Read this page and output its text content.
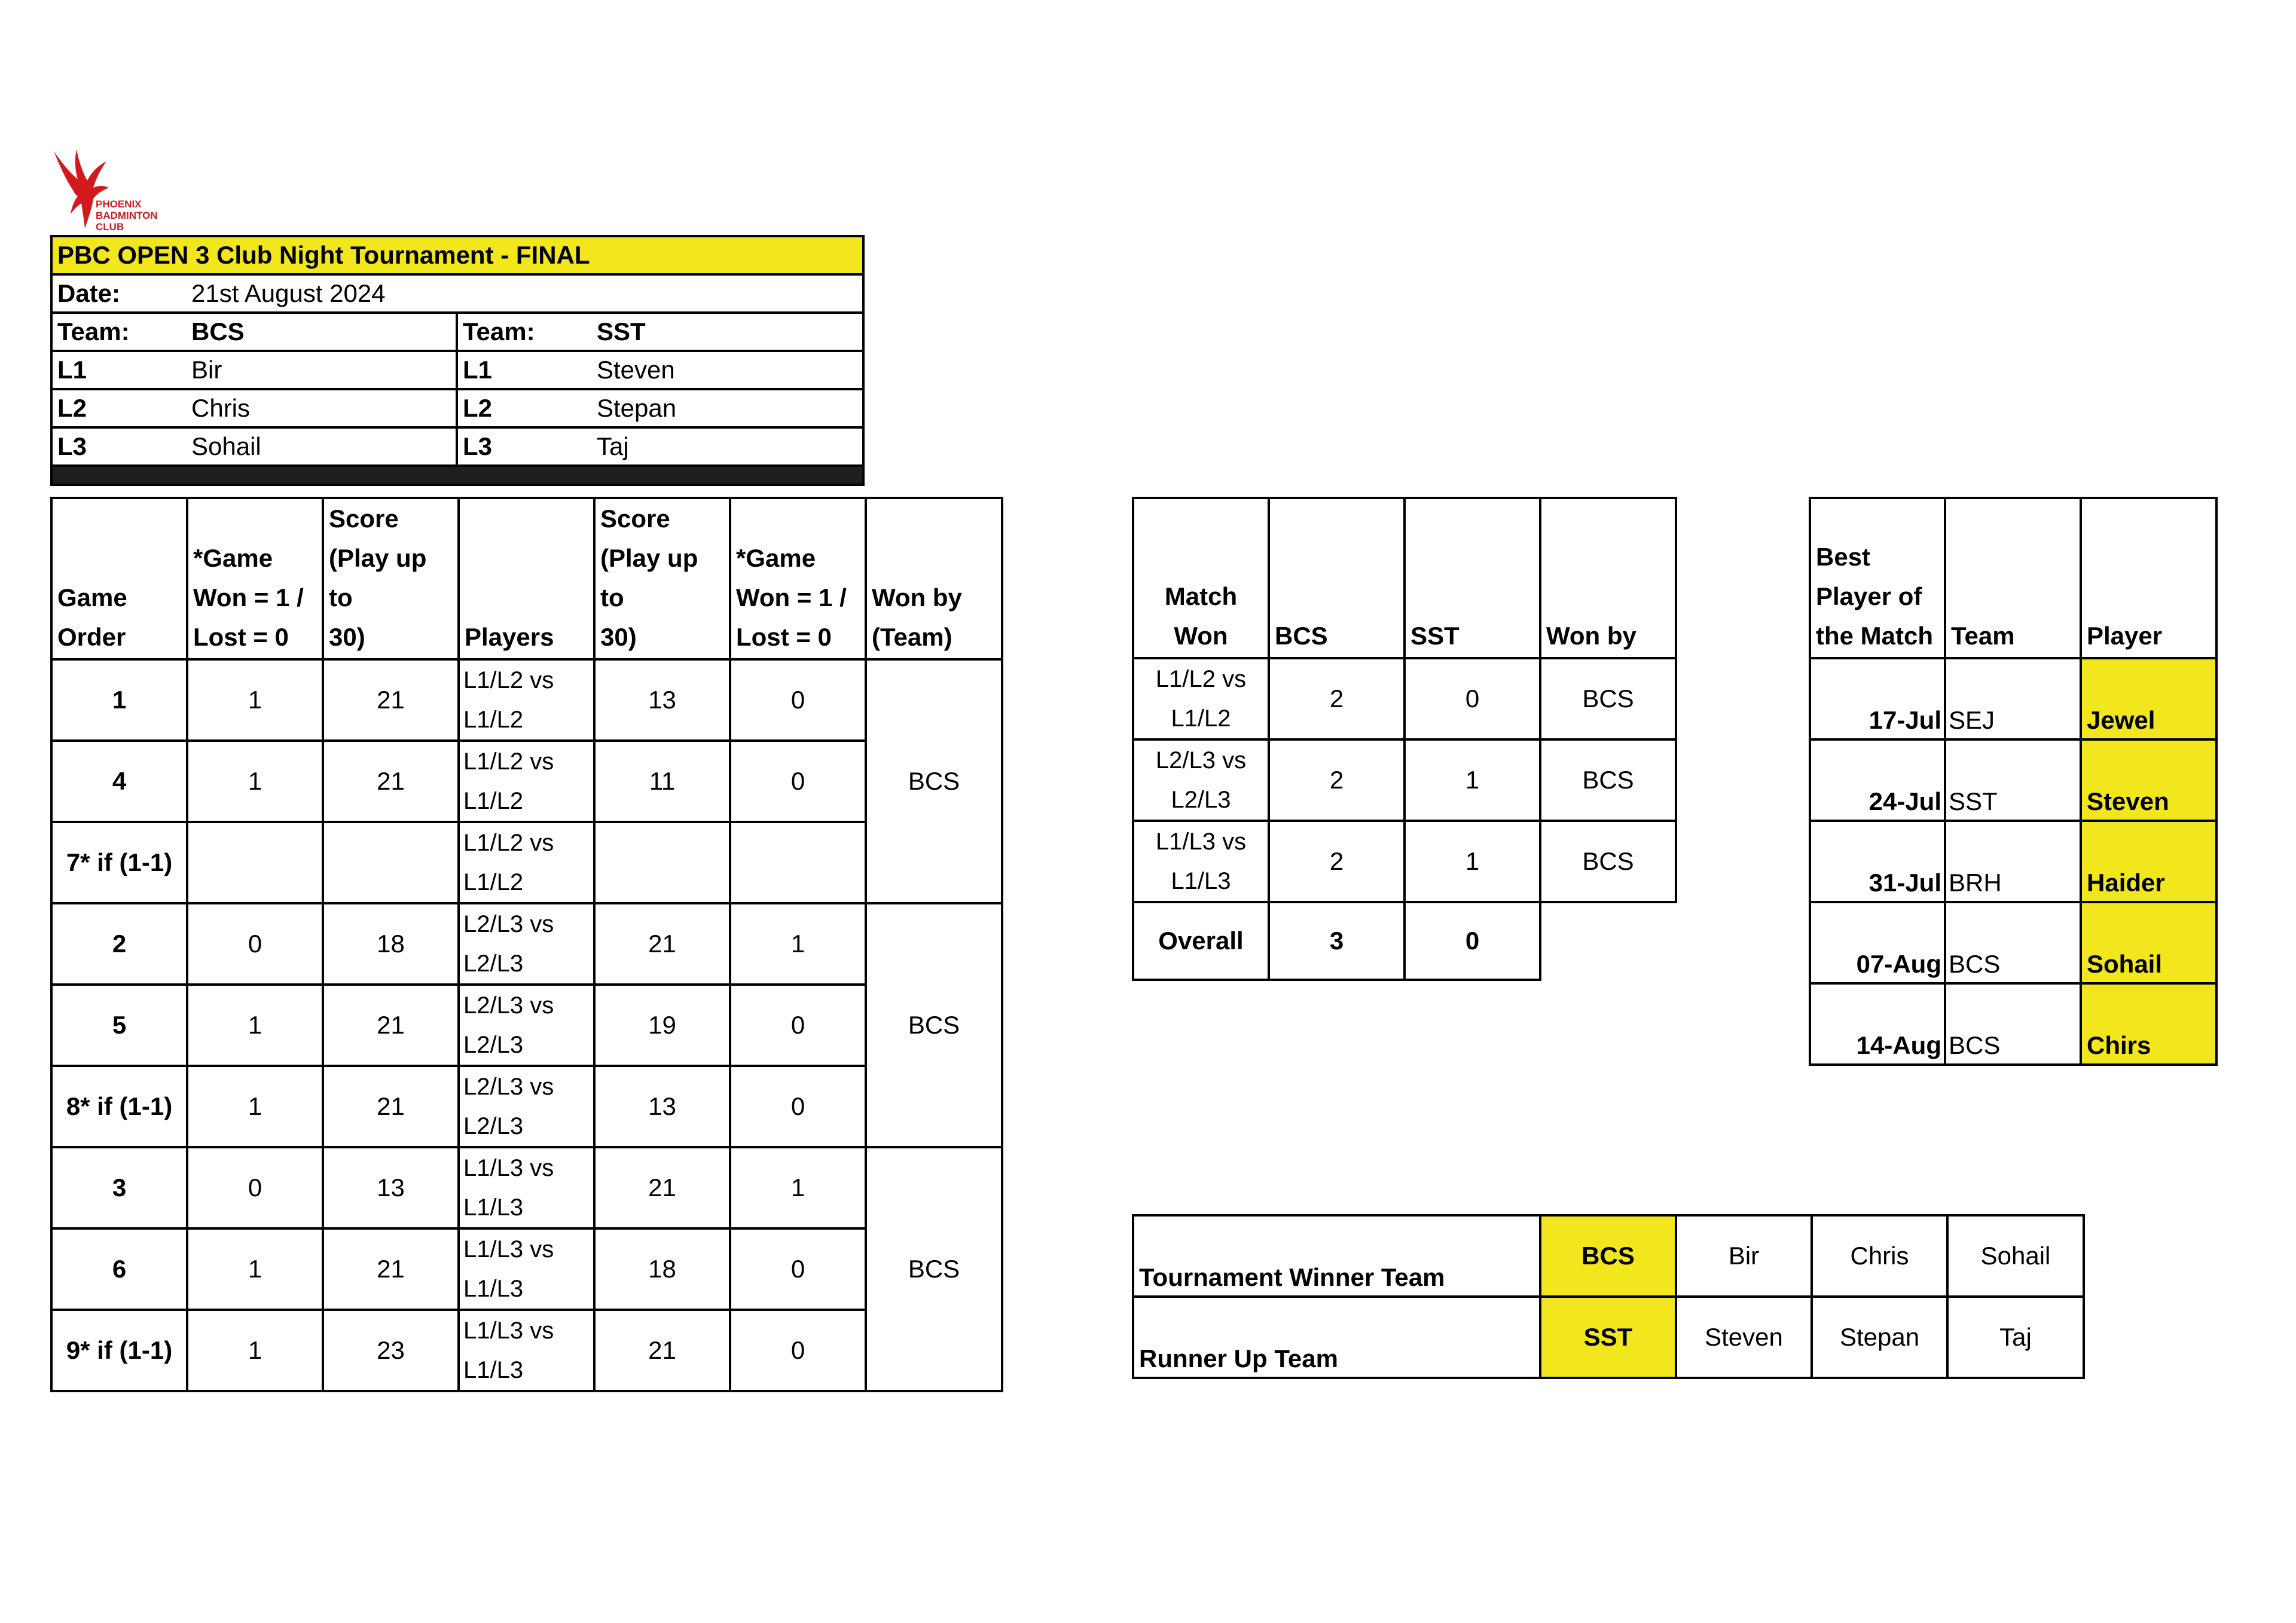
PHOENIX
BADMINTON
CLUB
PBC OPEN 3 Club Night Tournament - FINAL			
Date:	21st August 2024		
Team:	BCS	Team:	SST
L1	Bir	L1	Steven
L2	Chris	L2	Stepan
L3	Sohail	L3	Taj

Game
Order	*Game
Won = 1 /
Lost = 0	Score
(Play up to
30)	Players	Score
(Play up to
30)	*Game
Won = 1 /
Lost = 0	Won by
(Team)
1	1	21	L1/L2 vs
L1/L2	13	0	BCS
4	1	21	L1/L2 vs
L1/L2	11	0	
7* if (1-1)			L1/L2 vs
L1/L2			
2	0	18	L2/L3 vs
L2/L3	21	1	BCS
5	1	21	L2/L3 vs
L2/L3	19	0	
8* if (1-1)	1	21	L2/L3 vs
L2/L3	13	0	
3	0	13	L1/L3 vs
L1/L3	21	1	BCS
6	1	21	L1/L3 vs
L1/L3	18	0	
9* if (1-1)	1	23	L1/L3 vs
L1/L3	21	0	
Match
Won	BCS	SST	Won by	
L1/L2 vs
L1/L2	2	0	BCS	
L2/L3 vs
L2/L3	2	1	BCS	
L1/L3 vs
L1/L3	2	1	BCS	
Overall	3	0		
Best
Player of
the Match	Team	Player
17-Jul	SEJ	Jewel
24-Jul	SST	Steven
31-Jul	BRH	Haider
07-Aug	BCS	Sohail
14-Aug	BCS	Chirs
Tournament Winner Team	BCS	Bir	Chris	Sohail
Runner Up Team	SST	Steven	Stepan	Taj
